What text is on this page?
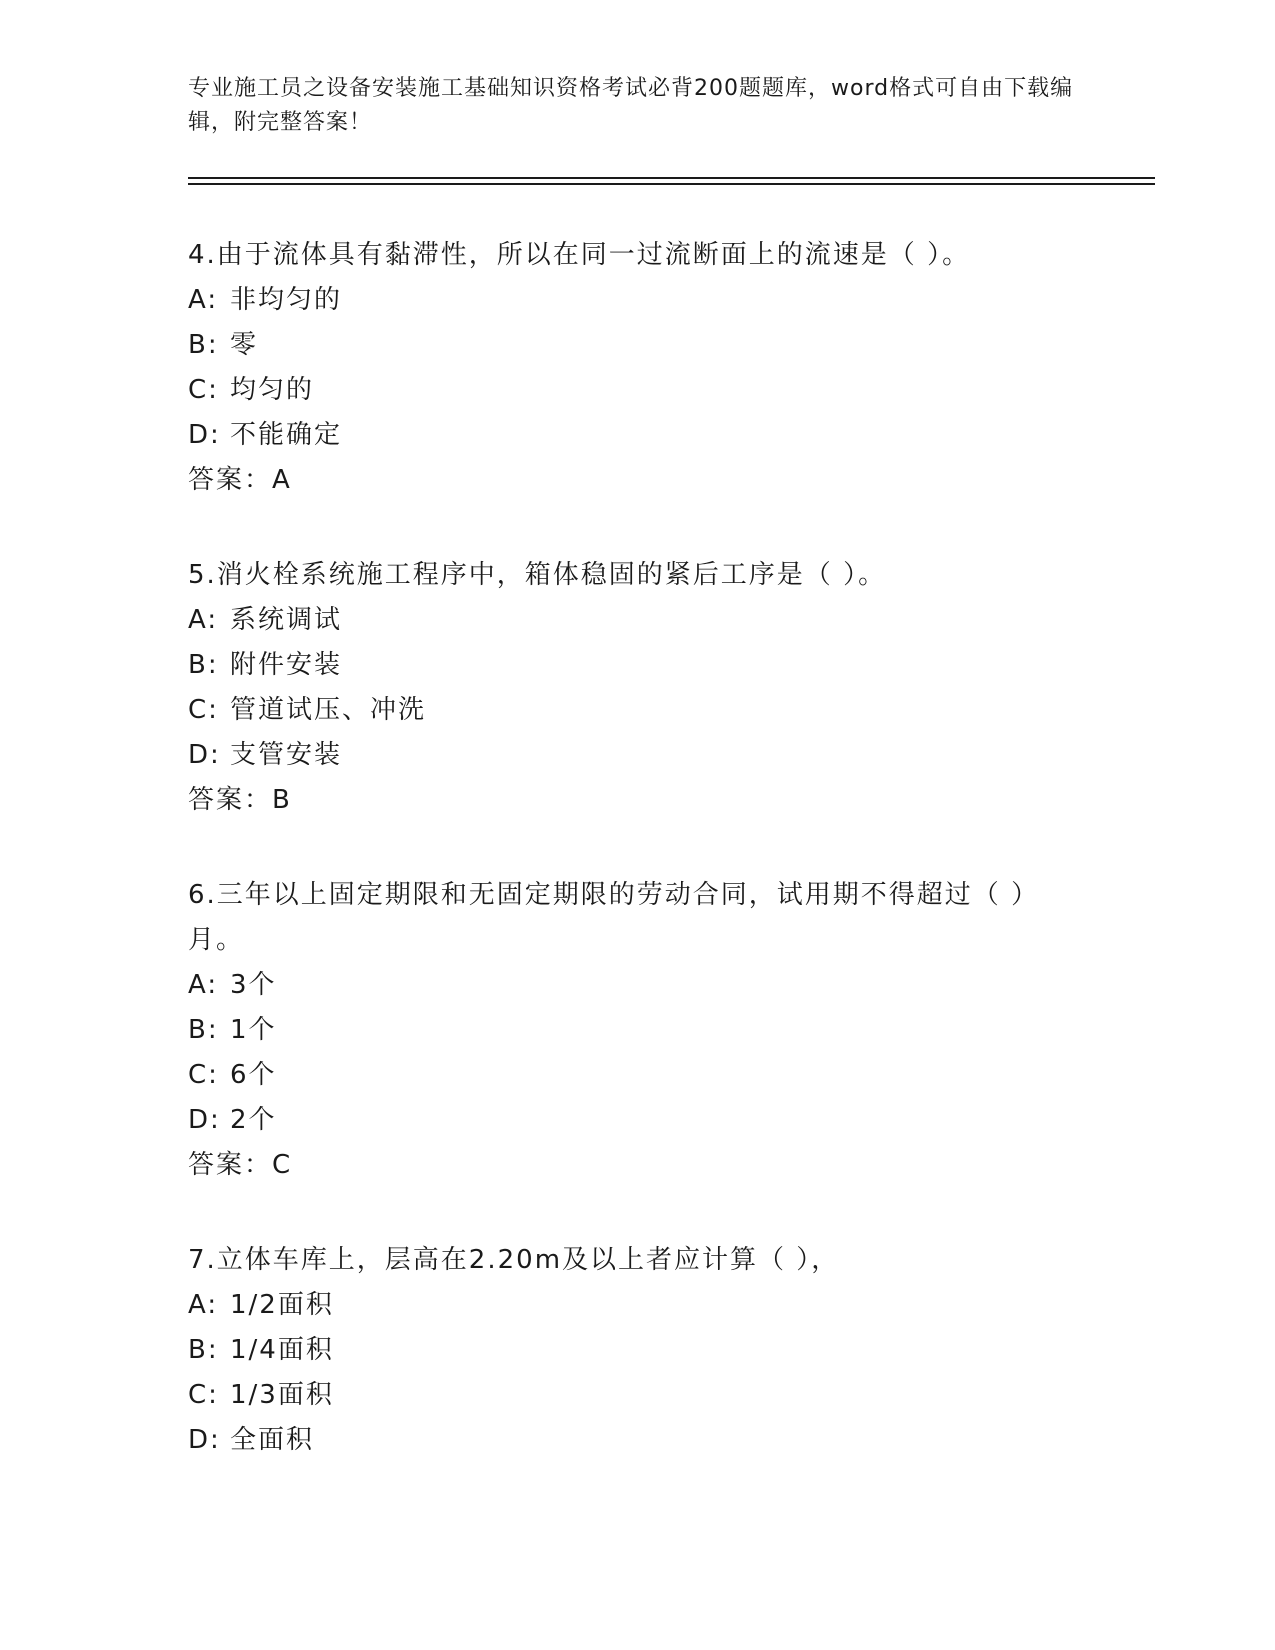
专业施工员之设备安装施工基础知识资格考试必背200题题库，word格式可自由下载编辑，附完整答案！

4.由于流体具有黏滞性，所以在同一过流断面上的流速是（ ）。

A: 非均匀的

B: 零

C: 均匀的

D: 不能确定

答案：A

5.消火栓系统施工程序中，箱体稳固的紧后工序是（ ）。

A: 系统调试

B: 附件安装

C: 管道试压、冲洗

D: 支管安装

答案：B

6.三年以上固定期限和无固定期限的劳动合同，试用期不得超过（ ）月。

A: 3个

B: 1个

C: 6个

D: 2个

答案：C

7.立体车库上，层高在2.20m及以上者应计算（ ），

A: 1/2面积

B: 1/4面积

C: 1/3面积

D: 全面积
